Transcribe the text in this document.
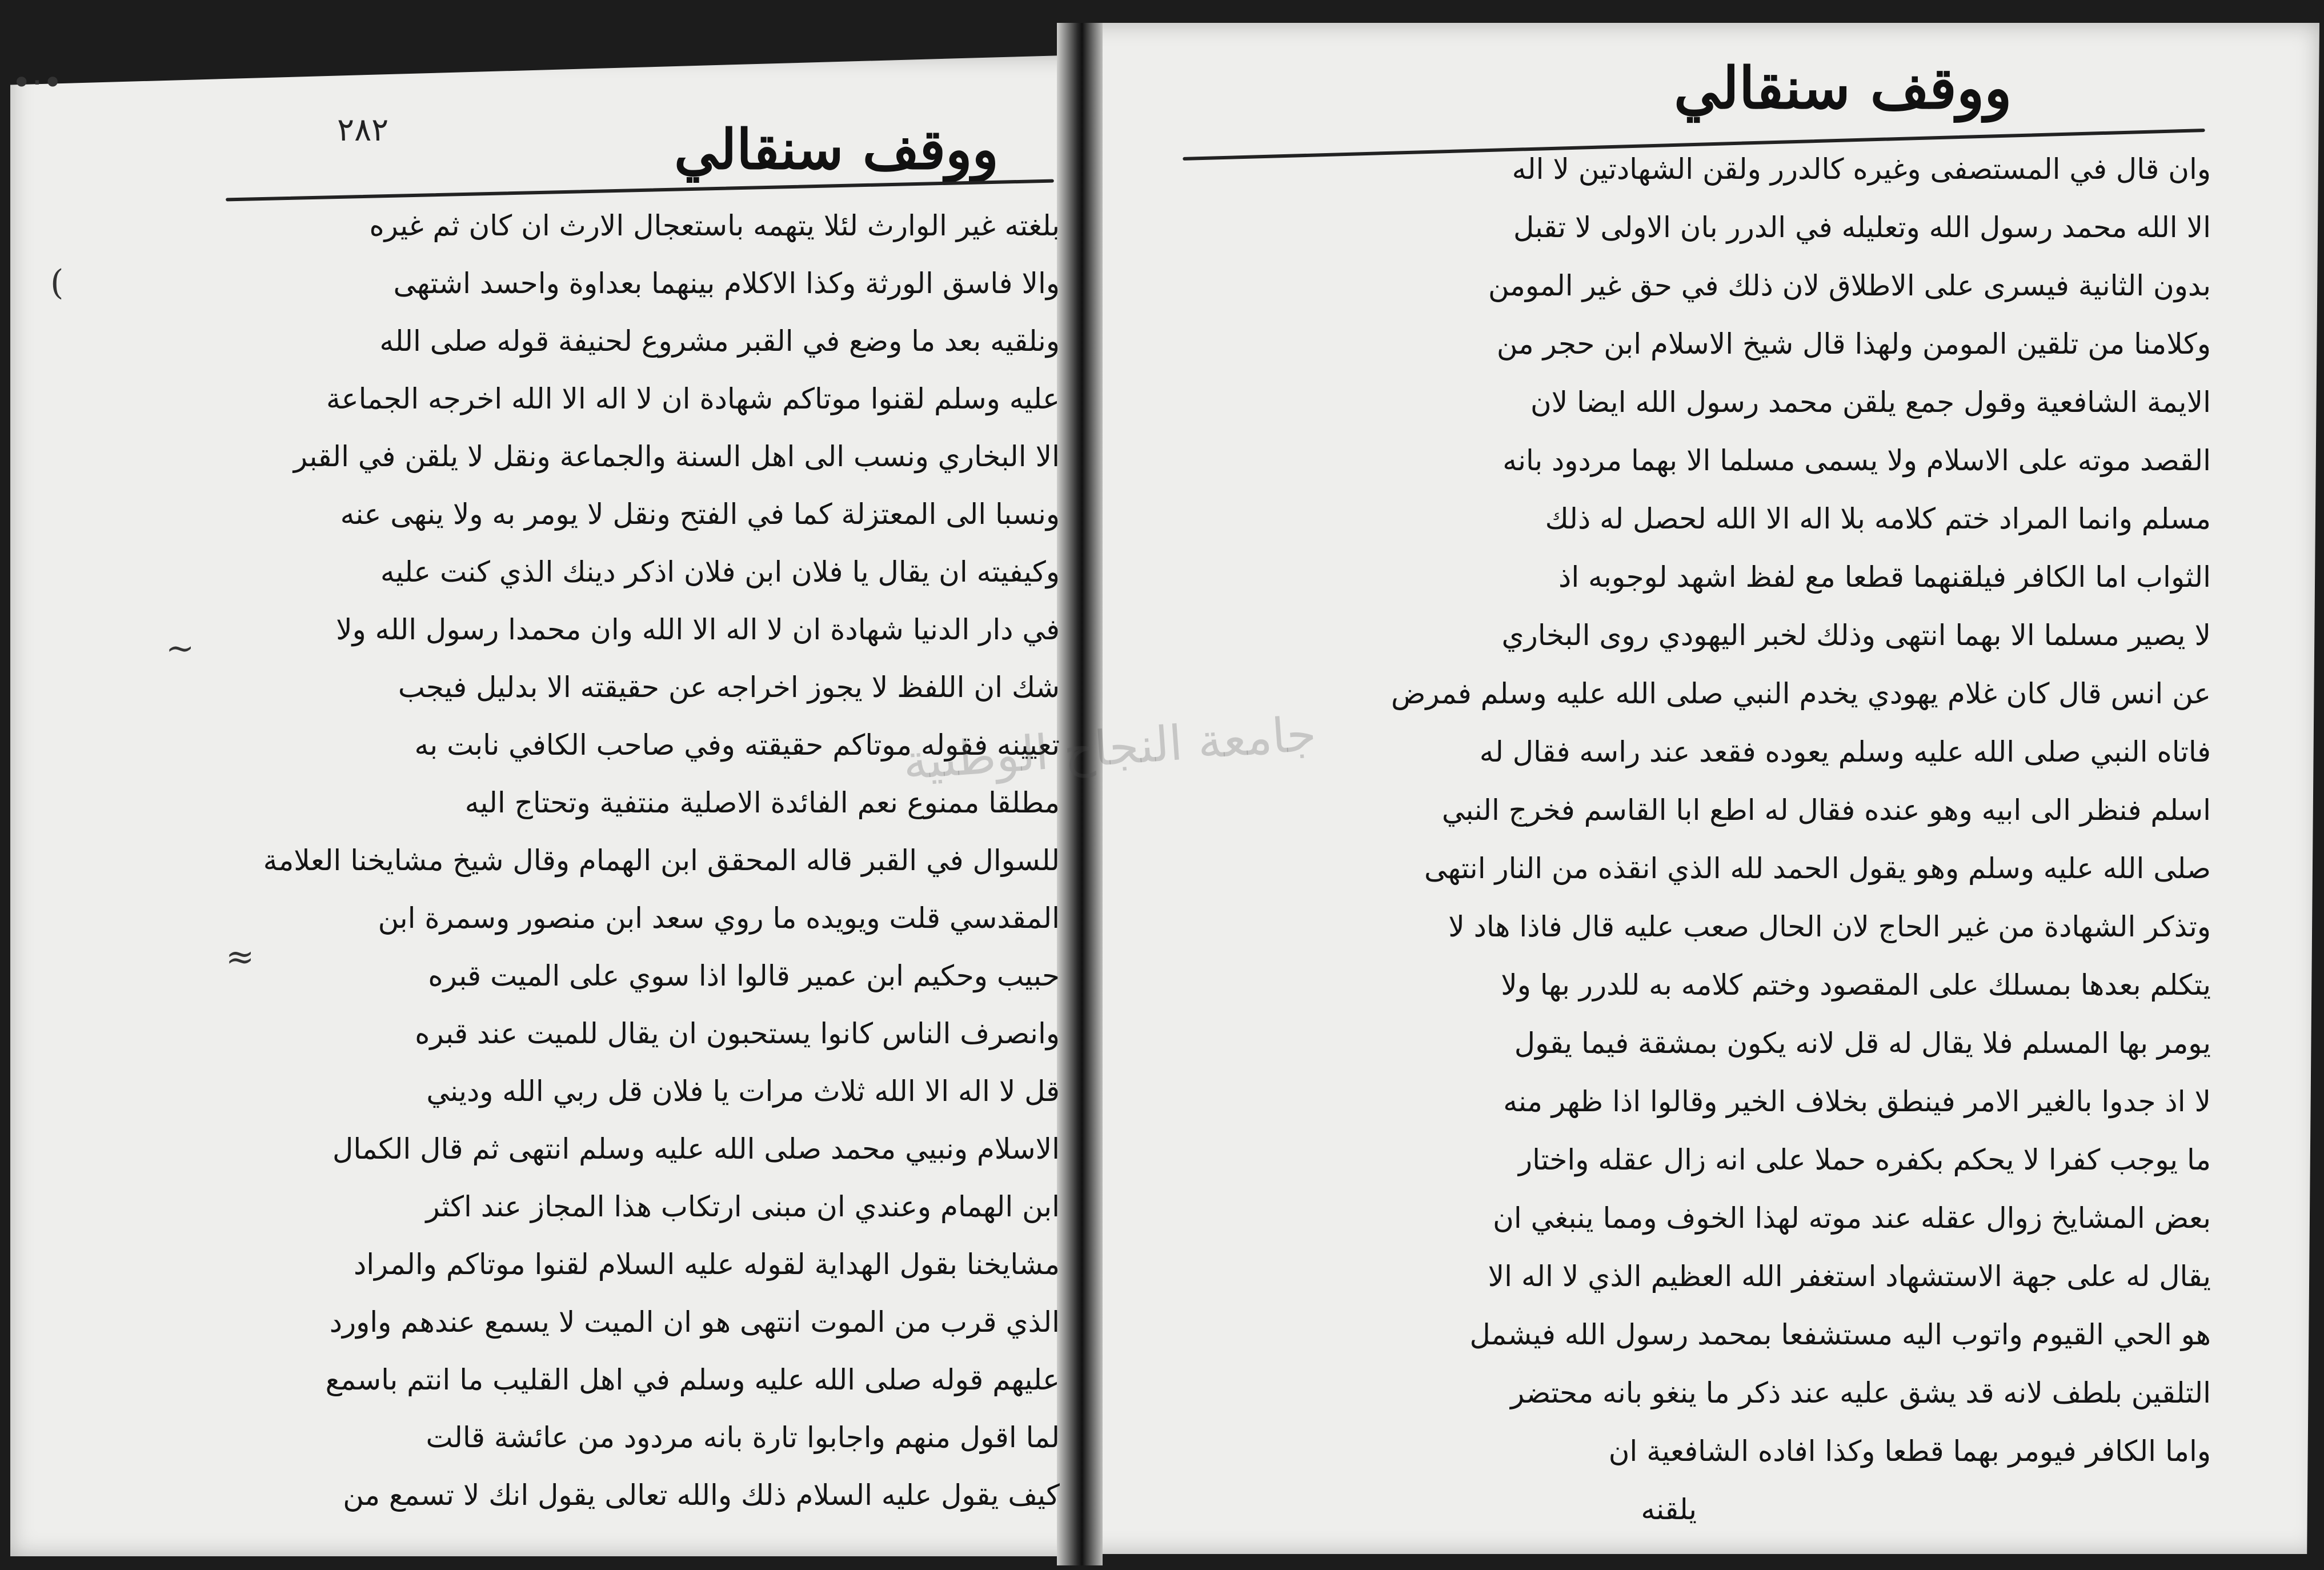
•⋅•
(
≈
∼
٢٨٢	ووقف سنقالي
بلغته غير الوارث لئلا يتهمه باستعجال الارث ان كان ثم غيره
والا فاسق الورثة وكذا الاكلام بينهما بعداوة واحسد اشتهى
ونلقيه بعد ما وضع في القبر مشروع لحنيفة قوله صلى الله
عليه وسلم لقنوا موتاكم شهادة ان لا اله الا الله اخرجه الجماعة
الا البخاري ونسب الى اهل السنة والجماعة ونقل لا يلقن في القبر
ونسبا الى المعتزلة كما في الفتح ونقل لا يومر به ولا ينهى عنه
وكيفيته ان يقال يا فلان ابن فلان اذكر دينك الذي كنت عليه
في دار الدنيا شهادة ان لا اله الا الله وان محمدا رسول الله ولا
شك ان اللفظ لا يجوز اخراجه عن حقيقته الا بدليل فيجب
تعيينه فقوله موتاكم حقيقته وفي صاحب الكافي نابت به
مطلقا ممنوع نعم الفائدة الاصلية منتفية وتحتاج اليه
للسوال في القبر قاله المحقق ابن الهمام وقال شيخ مشايخنا العلامة
المقدسي قلت ويويده ما روي سعد ابن منصور وسمرة ابن
حبيب وحكيم ابن عمير قالوا اذا سوي على الميت قبره
وانصرف الناس كانوا يستحبون ان يقال للميت عند قبره
قل لا اله الا الله ثلاث مرات يا فلان قل ربي الله وديني
الاسلام ونبيي محمد صلى الله عليه وسلم انتهى ثم قال الكمال
ابن الهمام وعندي ان مبنى ارتكاب هذا المجاز عند اكثر
مشايخنا بقول الهداية لقوله عليه السلام لقنوا موتاكم والمراد
الذي قرب من الموت انتهى هو ان الميت لا يسمع عندهم واورد
عليهم قوله صلى الله عليه وسلم في اهل القليب ما انتم باسمع
لما اقول منهم واجابوا تارة بانه مردود من عائشة قالت
كيف يقول عليه السلام ذلك والله تعالى يقول انك لا تسمع من
ووقف سنقالي
وان قال في المستصفى وغيره كالدرر ولقن الشهادتين لا اله
الا الله محمد رسول الله وتعليله في الدرر بان الاولى لا تقبل
بدون الثانية فيسرى على الاطلاق لان ذلك في حق غير المومن
وكلامنا من تلقين المومن ولهذا قال شيخ الاسلام ابن حجر من
الايمة الشافعية وقول جمع يلقن محمد رسول الله ايضا لان
القصد موته على الاسلام ولا يسمى مسلما الا بهما مردود بانه
مسلم وانما المراد ختم كلامه بلا اله الا الله لحصل له ذلك
الثواب اما الكافر فيلقنهما قطعا مع لفظ اشهد لوجوبه اذ
لا يصير مسلما الا بهما انتهى وذلك لخبر اليهودي روى البخاري
عن انس قال كان غلام يهودي يخدم النبي صلى الله عليه وسلم فمرض
فاتاه النبي صلى الله عليه وسلم يعوده فقعد عند راسه فقال له
اسلم فنظر الى ابيه وهو عنده فقال له اطع ابا القاسم فخرج النبي
صلى الله عليه وسلم وهو يقول الحمد لله الذي انقذه من النار انتهى
وتذكر الشهادة من غير الحاج لان الحال صعب عليه قال فاذا هاد لا
يتكلم بعدها بمسلك على المقصود وختم كلامه به للدرر بها ولا
يومر بها المسلم فلا يقال له قل لانه يكون بمشقة فيما يقول
لا اذ جدوا بالغير الامر فينطق بخلاف الخير وقالوا اذا ظهر منه
ما يوجب كفرا لا يحكم بكفره حملا على انه زال عقله واختار
بعض المشايخ زوال عقله عند موته لهذا الخوف ومما ينبغي ان
يقال له على جهة الاستشهاد استغفر الله العظيم الذي لا اله الا
هو الحي القيوم واتوب اليه مستشفعا بمحمد رسول الله فيشمل
التلقين بلطف لانه قد يشق عليه عند ذكر ما ينغو بانه محتضر
واما الكافر فيومر بهما قطعا وكذا افاده الشافعية ان
يلقنه
جامعة النجاح الوطنية
